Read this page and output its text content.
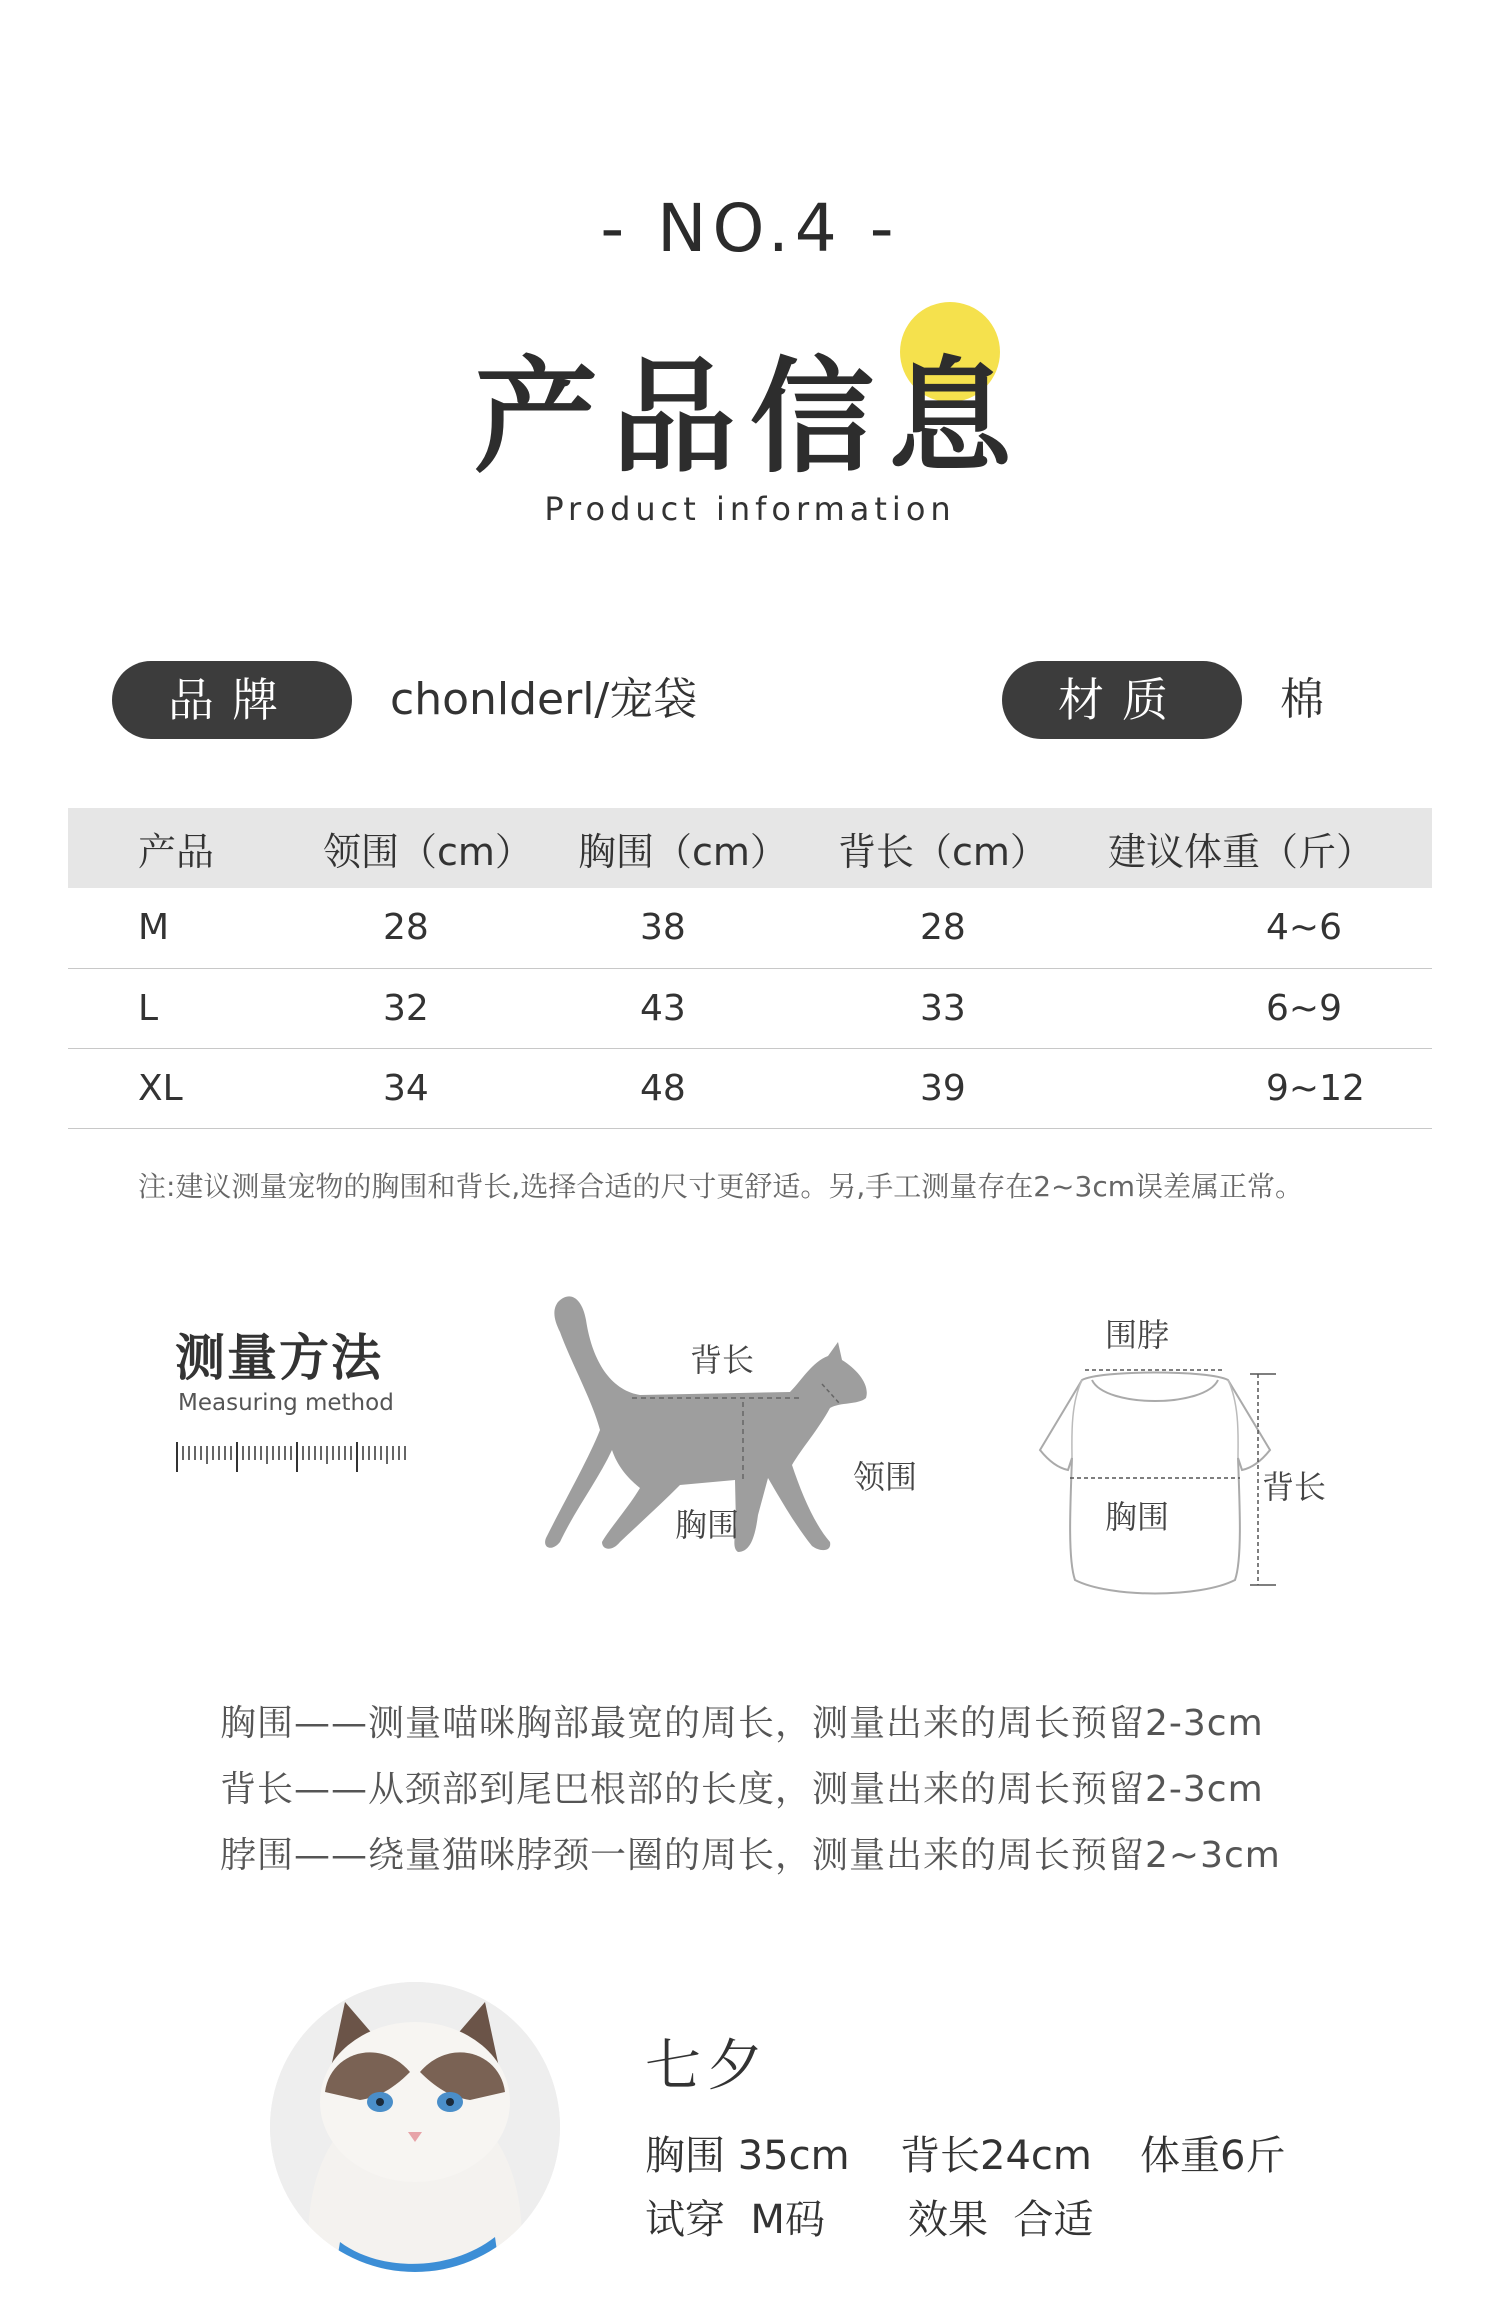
- NO.4 -
产品信息
Product information
品牌	chonlderl/宠袋	材质	棉
产品	领围（cm）	胸围（cm）	背长（cm）	建议体重（斤）
M	28	38	28	4~6
L	32	43	33	6~9
XL	34	48	39	9~12
注:建议测量宠物的胸围和背长,选择合适的尺寸更舒适。另,手工测量存在2~3cm误差属正常。
测量方法
Measuring method
背长
领围
胸围
围脖
背长
胸围
胸围——测量喵咪胸部最宽的周长，测量出来的周长预留2-3cm
背长——从颈部到尾巴根部的长度，测量出来的周长预留2-3cm
脖围——绕量猫咪脖颈一圈的周长，测量出来的周长预留2~3cm
七夕
胸围 35cm 背长24cm 体重6斤
试穿  M码 效果  合适
